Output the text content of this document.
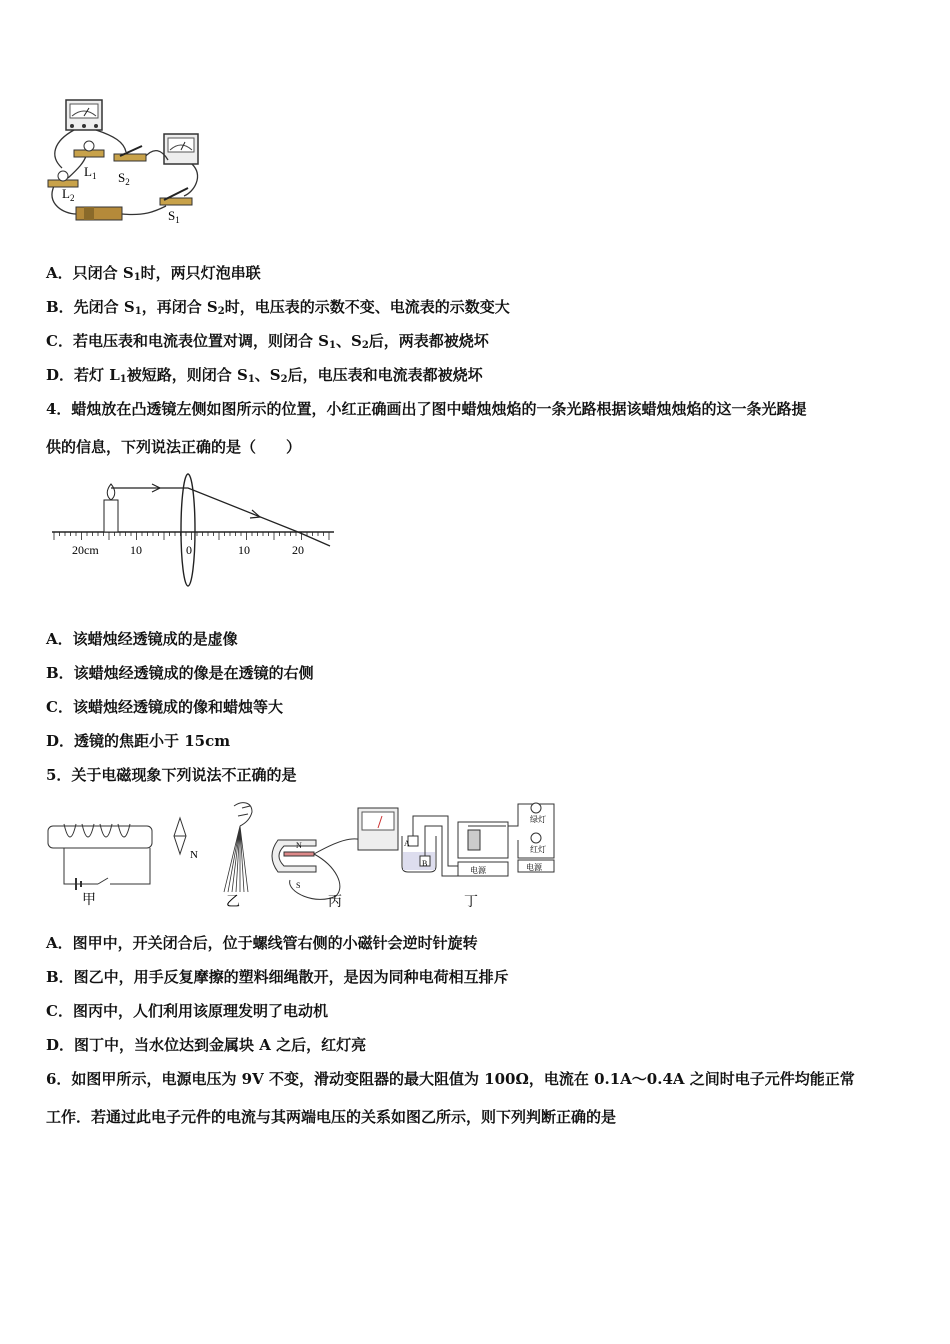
$L_1$ $S_2$
$L_2$
$S_1$
A．只闭合 $S_1$时，两只灯泡串联
B．先闭合 $S_1$，再闭合 $S_2$时，电压表的示数不变、电流表的示数变大
C．若电压表和电流表位置对调，则闭合 $S_1$、$S_2$后，两表都被烧坏
D．若灯 $L_1$被短路，则闭合 $S_1$、$S_2$后，电压表和电流表都被烧坏
4．蜡烛放在凸透镜左侧如图所示的位置，小红正确画出了图中蜡烛烛焰的一条光路根据该蜡烛烛焰的这一条光路提
供的信息，下列说法正确的是（　　）
20cm	10	0	10	20
A．该蜡烛经透镜成的是虚像
B．该蜡烛经透镜成的像是在透镜的右侧
C．该蜡烛经透镜成的像和蜡烛等大
D．透镜的焦距小于 15cm
5．关于电磁现象下列说法不正确的是
N
甲	乙
N
S
丙
A
B
绿灯
红灯
电源	电源
丁
A．图甲中，开关闭合后，位于螺线管右侧的小磁针会逆时针旋转
B．图乙中，用手反复摩擦的塑料细绳散开，是因为同种电荷相互排斥
C．图丙中，人们利用该原理发明了电动机
D．图丁中，当水位达到金属块 A 之后，红灯亮
6．如图甲所示，电源电压为 9V 不变，滑动变阻器的最大阻值为 100Ω，电流在 0.1A～0.4A 之间时电子元件均能正常
工作．若通过此电子元件的电流与其两端电压的关系如图乙所示，则下列判断正确的是
